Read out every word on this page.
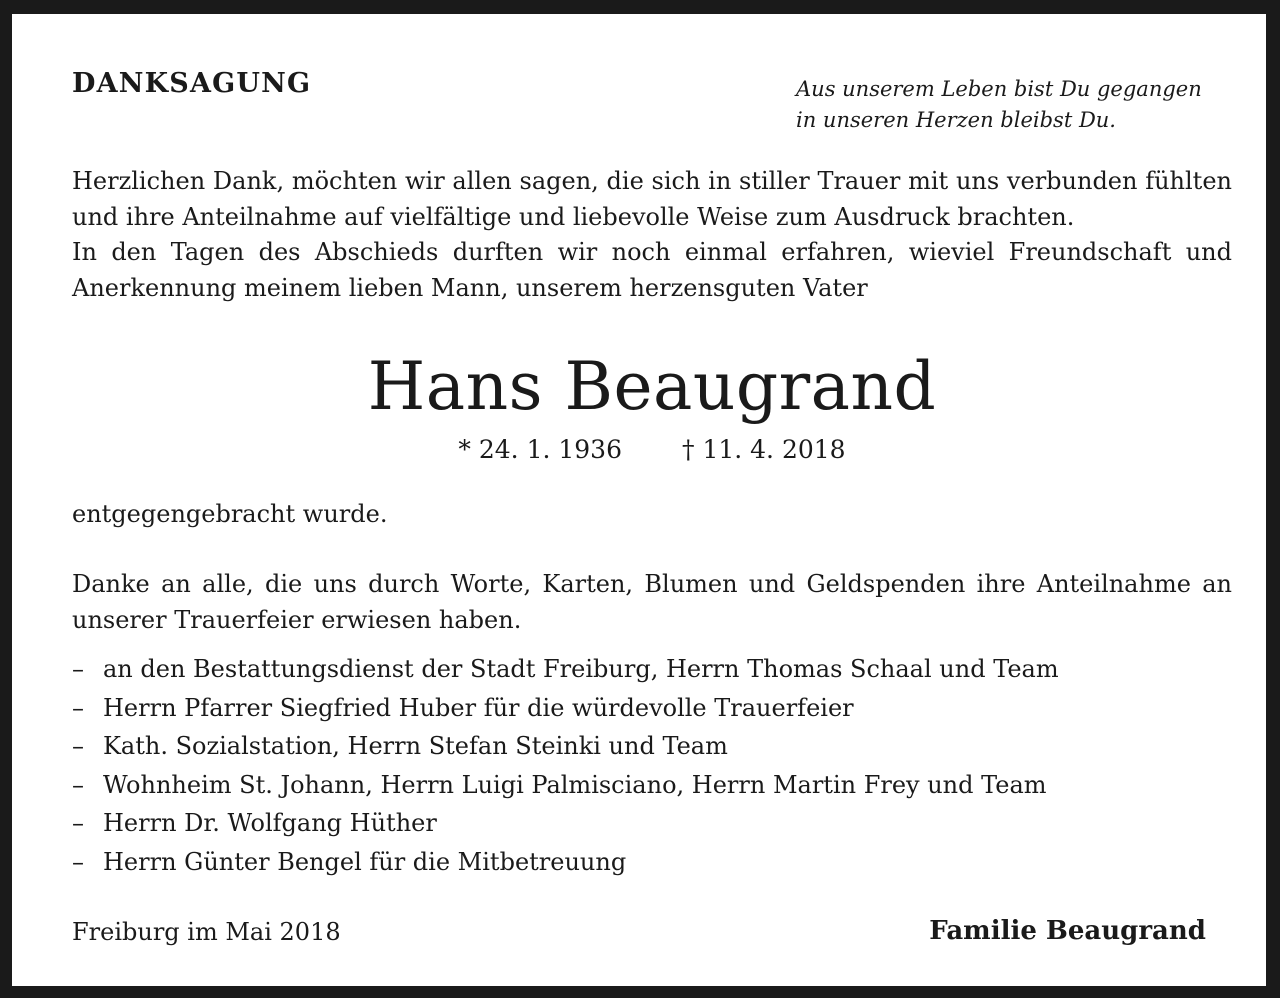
DANKSAGUNG	Aus unserem Leben bist Du gegangen
in unseren Herzen bleibst Du.
Herzlichen Dank, möchten wir allen sagen, die sich in stiller Trauer mit uns verbunden fühlten und ihre Anteilnahme auf vielfältige und liebevolle Weise zum Ausdruck brachten.
In den Tagen des Abschieds durften wir noch einmal erfahren, wieviel Freundschaft und Anerkennung meinem lieben Mann, unserem herzensguten Vater
Hans Beaugrand
* 24. 1. 1936 † 11. 4. 2018
entgegengebracht wurde.
Danke an alle, die uns durch Worte, Karten, Blumen und Geldspenden ihre Anteilnahme an unserer Trauerfeier erwiesen haben.
– an den Bestattungsdienst der Stadt Freiburg, Herrn Thomas Schaal und Team
– Herrn Pfarrer Siegfried Huber für die würdevolle Trauerfeier
– Kath. Sozialstation, Herrn Stefan Steinki und Team
– Wohnheim St. Johann, Herrn Luigi Palmisciano, Herrn Martin Frey und Team
– Herrn Dr. Wolfgang Hüther
– Herrn Günter Bengel für die Mitbetreuung
Freiburg im Mai 2018	Familie Beaugrand
